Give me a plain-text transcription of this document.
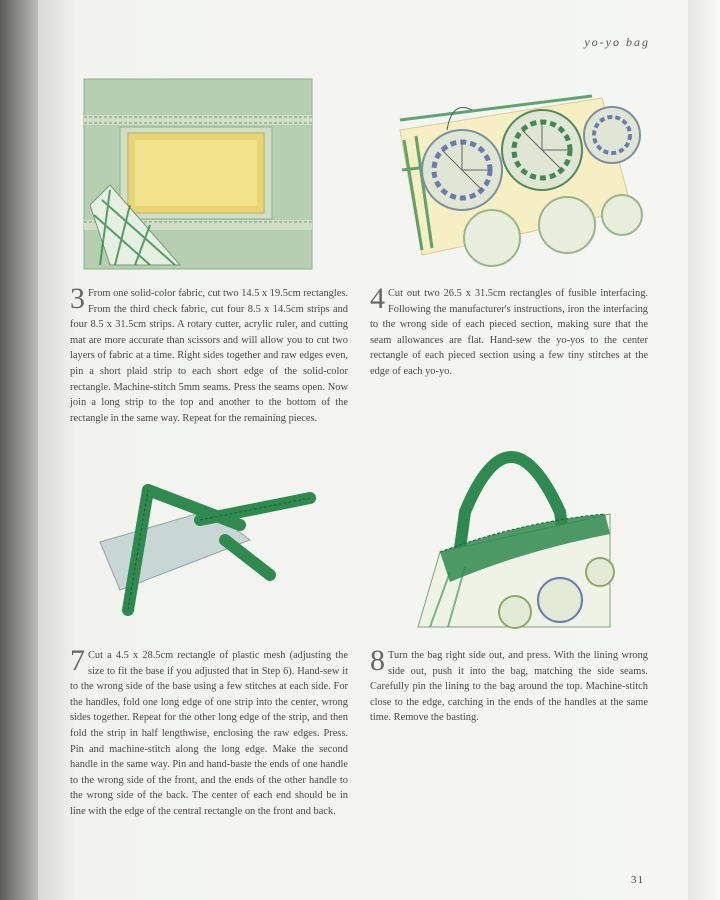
yo-yo bag
3 From one solid-color fabric, cut two 14.5 x 19.5cm rectangles. From the third check fabric, cut four 8.5 x 14.5cm strips and four 8.5 x 31.5cm strips. A rotary cutter, acrylic ruler, and cutting mat are more accurate than scissors and will allow you to cut two layers of fabric at a time. Right sides together and raw edges even, pin a short plaid strip to each short edge of the solid-color rectangle. Machine-stitch 5mm seams. Press the seams open. Now join a long strip to the top and another to the bottom of the rectangle in the same way. Repeat for the remaining pieces.
4 Cut out two 26.5 x 31.5cm rectangles of fusible interfacing. Following the manufacturer's instructions, iron the interfacing to the wrong side of each pieced section, making sure that the seam allowances are flat. Hand-sew the yo-yos to the center rectangle of each pieced section using a few tiny stitches at the edge of each yo-yo.
7 Cut a 4.5 x 28.5cm rectangle of plastic mesh (adjusting the size to fit the base if you adjusted that in Step 6). Hand-sew it to the wrong side of the base using a few stitches at each side. For the handles, fold one long edge of one strip into the center, wrong sides together. Repeat for the other long edge of the strip, and then fold the strip in half lengthwise, enclosing the raw edges. Press. Pin and machine-stitch along the long edge. Make the second handle in the same way. Pin and hand-baste the ends of one handle to the wrong side of the front, and the ends of the other handle to the wrong side of the back. The center of each end should be in line with the edge of the central rectangle on the front and back.
8 Turn the bag right side out, and press. With the lining wrong side out, push it into the bag, matching the side seams. Carefully pin the lining to the bag around the top. Machine-stitch close to the edge, catching in the ends of the handles at the same time. Remove the basting.
31
